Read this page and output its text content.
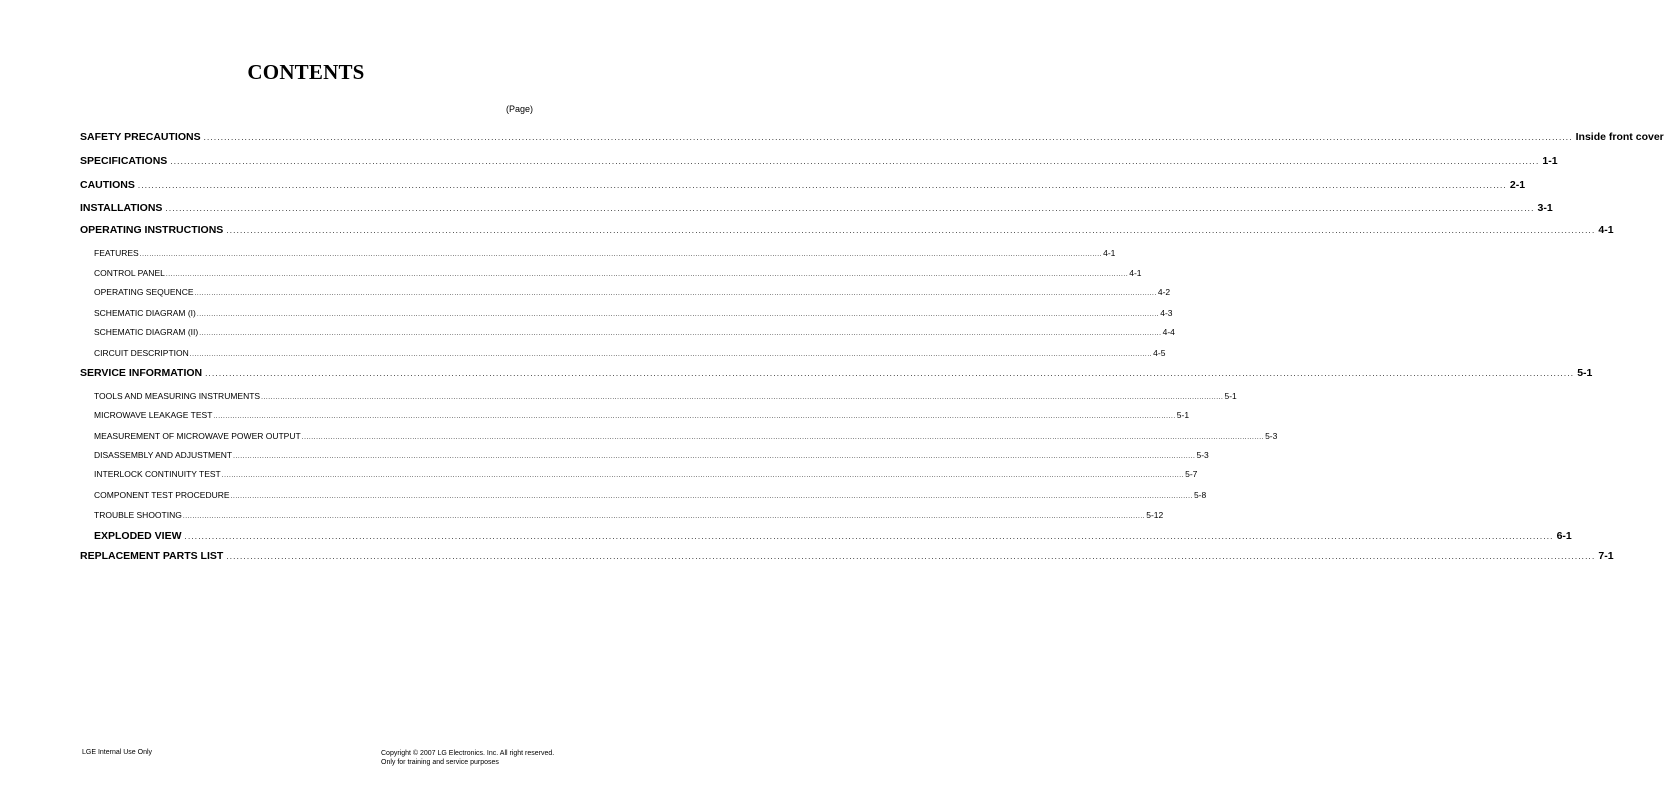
CONTENTS
(Page)
SAFETY PRECAUTIONS ................................................................................................................................................................................................................................................................................................................................................................................................................ Inside front cover
SPECIFICATIONS ................................................................................................................................................................................................................................................................................................................................................................................................................ 1-1
CAUTIONS ................................................................................................................................................................................................................................................................................................................................................................................................................ 2-1
INSTALLATIONS ................................................................................................................................................................................................................................................................................................................................................................................................................ 3-1
OPERATING INSTRUCTIONS ................................................................................................................................................................................................................................................................................................................................................................................................................ 4-1
FEATURES ................................................................................................................................................................................................................................................................................................................................................................................................................ 4-1
CONTROL PANEL ................................................................................................................................................................................................................................................................................................................................................................................................................ 4-1
OPERATING SEQUENCE ................................................................................................................................................................................................................................................................................................................................................................................................................ 4-2
SCHEMATIC DIAGRAM (I) ................................................................................................................................................................................................................................................................................................................................................................................................................ 4-3
SCHEMATIC DIAGRAM (II) ................................................................................................................................................................................................................................................................................................................................................................................................................ 4-4
CIRCUIT DESCRIPTION ................................................................................................................................................................................................................................................................................................................................................................................................................ 4-5
SERVICE INFORMATION ................................................................................................................................................................................................................................................................................................................................................................................................................ 5-1
TOOLS AND MEASURING INSTRUMENTS ................................................................................................................................................................................................................................................................................................................................................................................................................ 5-1
MICROWAVE LEAKAGE TEST ................................................................................................................................................................................................................................................................................................................................................................................................................ 5-1
MEASUREMENT OF MICROWAVE POWER OUTPUT ................................................................................................................................................................................................................................................................................................................................................................................................................ 5-3
DISASSEMBLY AND ADJUSTMENT ................................................................................................................................................................................................................................................................................................................................................................................................................ 5-3
INTERLOCK CONTINUITY TEST ................................................................................................................................................................................................................................................................................................................................................................................................................ 5-7
COMPONENT TEST PROCEDURE ................................................................................................................................................................................................................................................................................................................................................................................................................ 5-8
TROUBLE SHOOTING ................................................................................................................................................................................................................................................................................................................................................................................................................ 5-12
EXPLODED VIEW ................................................................................................................................................................................................................................................................................................................................................................................................................ 6-1
REPLACEMENT PARTS LIST ................................................................................................................................................................................................................................................................................................................................................................................................................ 7-1
LGE Internal Use Only	Copyright © 2007 LG Electronics. Inc. All right reserved.
Only for training and service purposes
